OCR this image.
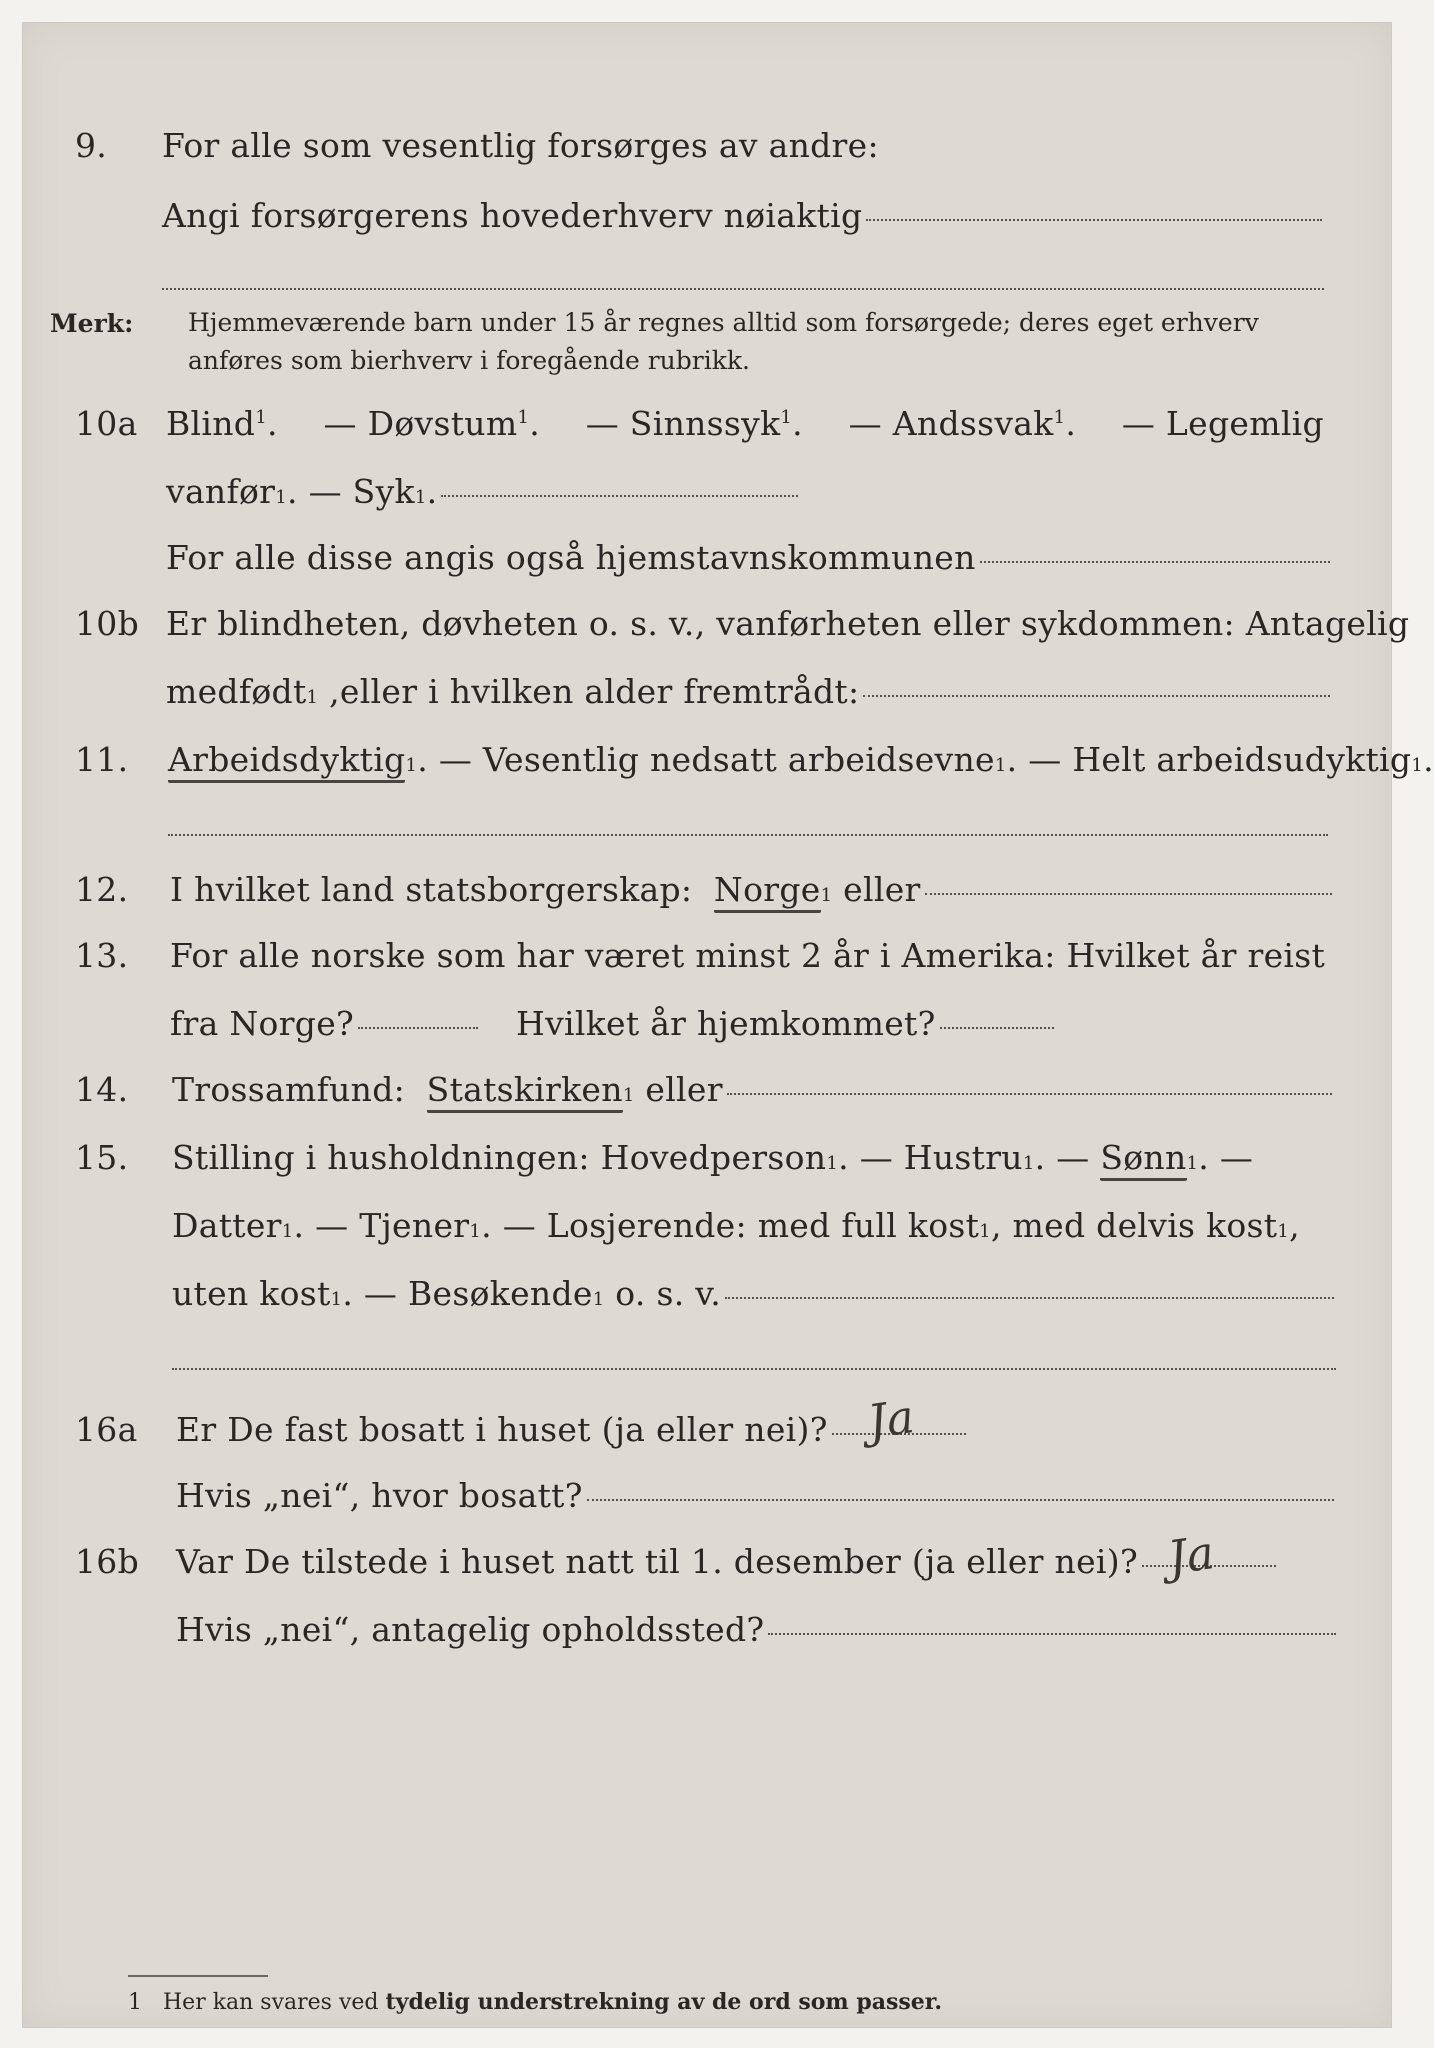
9. For alle som vesentlig forsørges av andre:
Angi forsørgerens hovederhverv nøiaktig
Merk: Hjemmeværende barn under 15 år regnes alltid som forsørgede; deres eget erhverv
anføres som bierhverv i foregående rubrikk.
10a Blind$^1$. — Døvstum$^1$. — Sinnssyk$^1$. — Andssvak$^1$. — Legemlig
vanfør 1 . — Syk 1 .
For alle disse angis også hjemstavnskommunen
10b Er blindheten, døvheten o. s. v., vanførheten eller sykdommen: Antagelig
medfødt 1 , eller i hvilken alder fremtrådt:
11. Arbeidsdyktig 1 . — Vesentlig nedsatt arbeidsevne 1 . — Helt arbeidsudyktig 1 .
12. I hvilket land statsborgerskap:
Norge 1
eller
13. For alle norske som har været minst 2 år i Amerika: Hvilket år reist
fra Norge?	Hvilket år hjemkommet?
14. Trossamfund:
Statskirken 1
eller
15. Stilling i husholdningen: Hovedperson 1 . — Hustru 1 . — Sønn 1 . —
Datter 1 . — Tjener 1 . — Losjerende: med full kost 1 , med delvis kost 1 ,
uten kost 1 . — Besøkende 1
o. s. v.
16a Er De fast bosatt i huset (ja eller nei)? Ja
Hvis „nei“, hvor bosatt?
16b Var De tilstede i huset natt til 1. desember (ja eller nei)? Ja
Hvis „nei“, antagelig opholdssted?
1 Her kan svares ved tydelig understrekning av de ord som passer.
